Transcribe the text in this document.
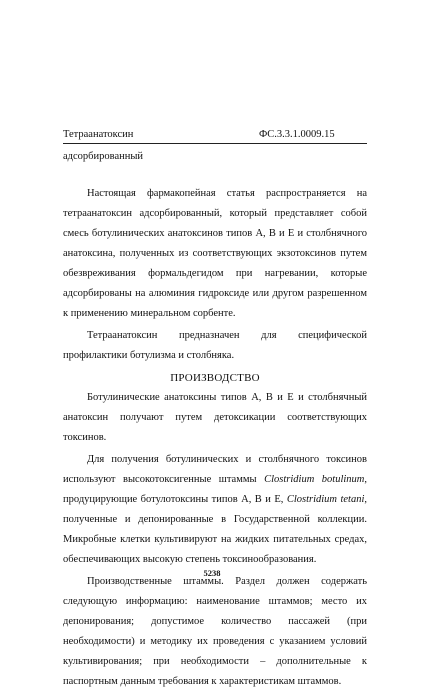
Тетраанатоксин	ФС.3.3.1.0009.15
адсорбированный

Настоящая фармакопейная статья распространяется на тетраанатоксин адсорбированный, который представляет собой смесь ботулинических анатоксинов типов А, В и Е и столбнячного анатоксина, полученных из соответствующих экзотоксинов путем обезвреживания формальдегидом при нагревании, которые адсорбированы на алюминия гидроксиде или другом разрешенном к применению минеральном сорбенте.

Тетраанатоксин предназначен для специфической профилактики ботулизма и столбняка.

ПРОИЗВОДСТВО

Ботулинические анатоксины типов А, В и Е и столбнячный анатоксин получают путем детоксикации соответствующих токсинов.

Для получения ботулинических и столбнячного токсинов используют высокотоксигенные штаммы Clostridium botulinum, продуцирующие ботулотоксины типов А, В и Е, Clostridium tetani, полученные и депонированные в Государственной коллекции. Микробные клетки культивируют на жидких питательных средах, обеспечивающих высокую степень токсинообразования.

Производственные штаммы. Раздел должен содержать следующую информацию: наименование штаммов; место их депонирования; допустимое количество пассажей (при необходимости) и методику их проведения с указанием условий культивирования; при необходимости – дополнительные к паспортным данным требования к характеристикам штаммов.

5238
